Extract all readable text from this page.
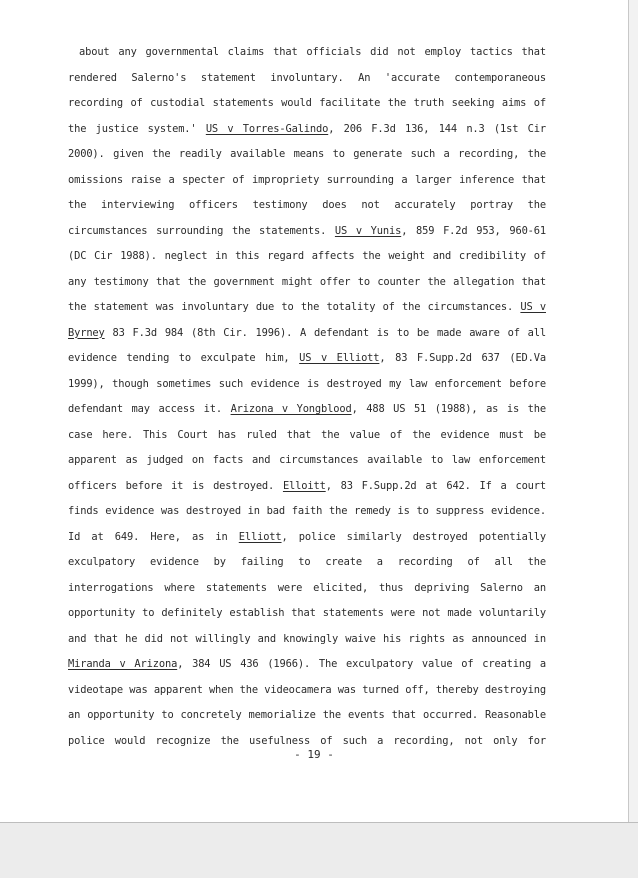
about any governmental claims that officials did not employ tactics that
rendered Salerno's statement involuntary. An 'accurate contemporaneous
recording of custodial statements would facilitate the truth seeking aims of
the justice system.' US v Torres-Galindo, 206 F.3d 136, 144 n.3 (1st Cir
2000). given the readily available means to generate such a recording, the
omissions raise a specter of impropriety surrounding a larger inference that
the interviewing officers testimony does not accurately portray the
circumstances surrounding the statements. US v Yunis, 859 F.2d 953, 960-61
(DC Cir 1988). neglect in this regard affects the weight and credibility of
any testimony that the government might offer to counter the allegation that
the statement was involuntary due to the totality of the circumstances. US v
Byrney 83 F.3d 984 (8th Cir. 1996). A defendant is to be made aware of all
evidence tending to exculpate him, US v Elliott, 83 F.Supp.2d 637 (ED.Va
1999), though sometimes such evidence is destroyed my law enforcement before
defendant may access it. Arizona v Yongblood, 488 US 51 (1988), as is the
case here. This Court has ruled that the value of the evidence must be
apparent as judged on facts and circumstances available to law enforcement
officers before it is destroyed. Elloitt, 83 F.Supp.2d at 642. If a court
finds evidence was destroyed in bad faith the remedy is to suppress evidence.
Id at 649. Here, as in Elliott, police similarly destroyed potentially
exculpatory evidence by failing to create a recording of all the
interrogations where statements were elicited, thus depriving Salerno an
opportunity to definitely establish that statements were not made voluntarily
and that he did not willingly and knowingly waive his rights as announced in
Miranda v Arizona, 384 US 436 (1966). The exculpatory value of creating a
videotape was apparent when the videocamera was turned off, thereby destroying
an opportunity to concretely memorialize the events that occurred. Reasonable
police would recognize the usefulness of such a recording, not only for
- 19 -
